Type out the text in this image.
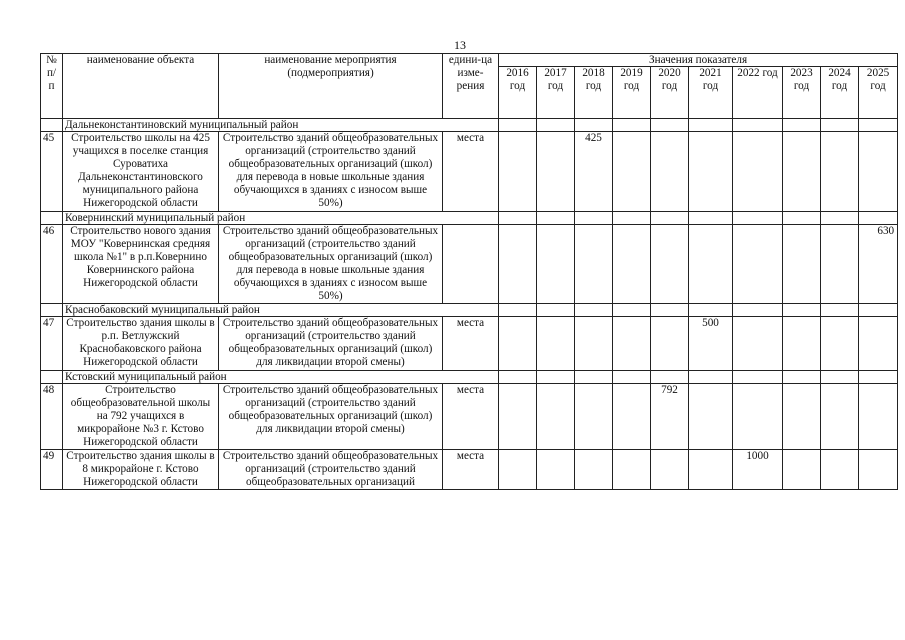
13
№ п/ п	наименование объекта	наименование мероприятия (подмероприятия)	едини-ца изме-рения	Значения показателя									
				2016 год	2017 год	2018 год	2019 год	2020 год	2021 год	2022 год	2023 год	2024 год	2025 год
	Дальнеконстантиновский муниципальный район												
45	Строительство школы на 425 учащихся в поселке станция Суроватиха Дальнеконстантиновского муниципального района Нижегородской области	Строительство зданий общеобразовательных организаций (строительство зданий общеобразовательных организаций (школ) для перевода в новые школьные здания обучающихся в зданиях с износом выше 50%)	места			425							
	Ковернинский муниципальный район												
46	Строительство нового здания МОУ "Ковернинская средняя школа №1" в р.п.Ковернино Ковернинского района Нижегородской области	Строительство зданий общеобразовательных организаций (строительство зданий общеобразовательных организаций (школ) для перевода в новые школьные здания обучающихся в зданиях с износом выше 50%)											630
	Краснобаковский муниципальный район												
47	Строительство здания школы в р.п. Ветлужский Краснобаковского района Нижегородской области	Строительство зданий общеобразовательных организаций (строительство зданий общеобразовательных организаций (школ) для ликвидации второй смены)	места						500				
	Кстовский муниципальный район												
48	Строительство общеобразовательной школы на 792 учащихся в микрорайоне №3 г. Кстово Нижегородской области	Строительство зданий общеобразовательных организаций (строительство зданий общеобразовательных организаций (школ) для ликвидации второй смены)	места					792					
49	Строительство здания школы в 8 микрорайоне г. Кстово Нижегородской области	Строительство зданий общеобразовательных организаций (строительство зданий общеобразовательных организаций	места							1000			
